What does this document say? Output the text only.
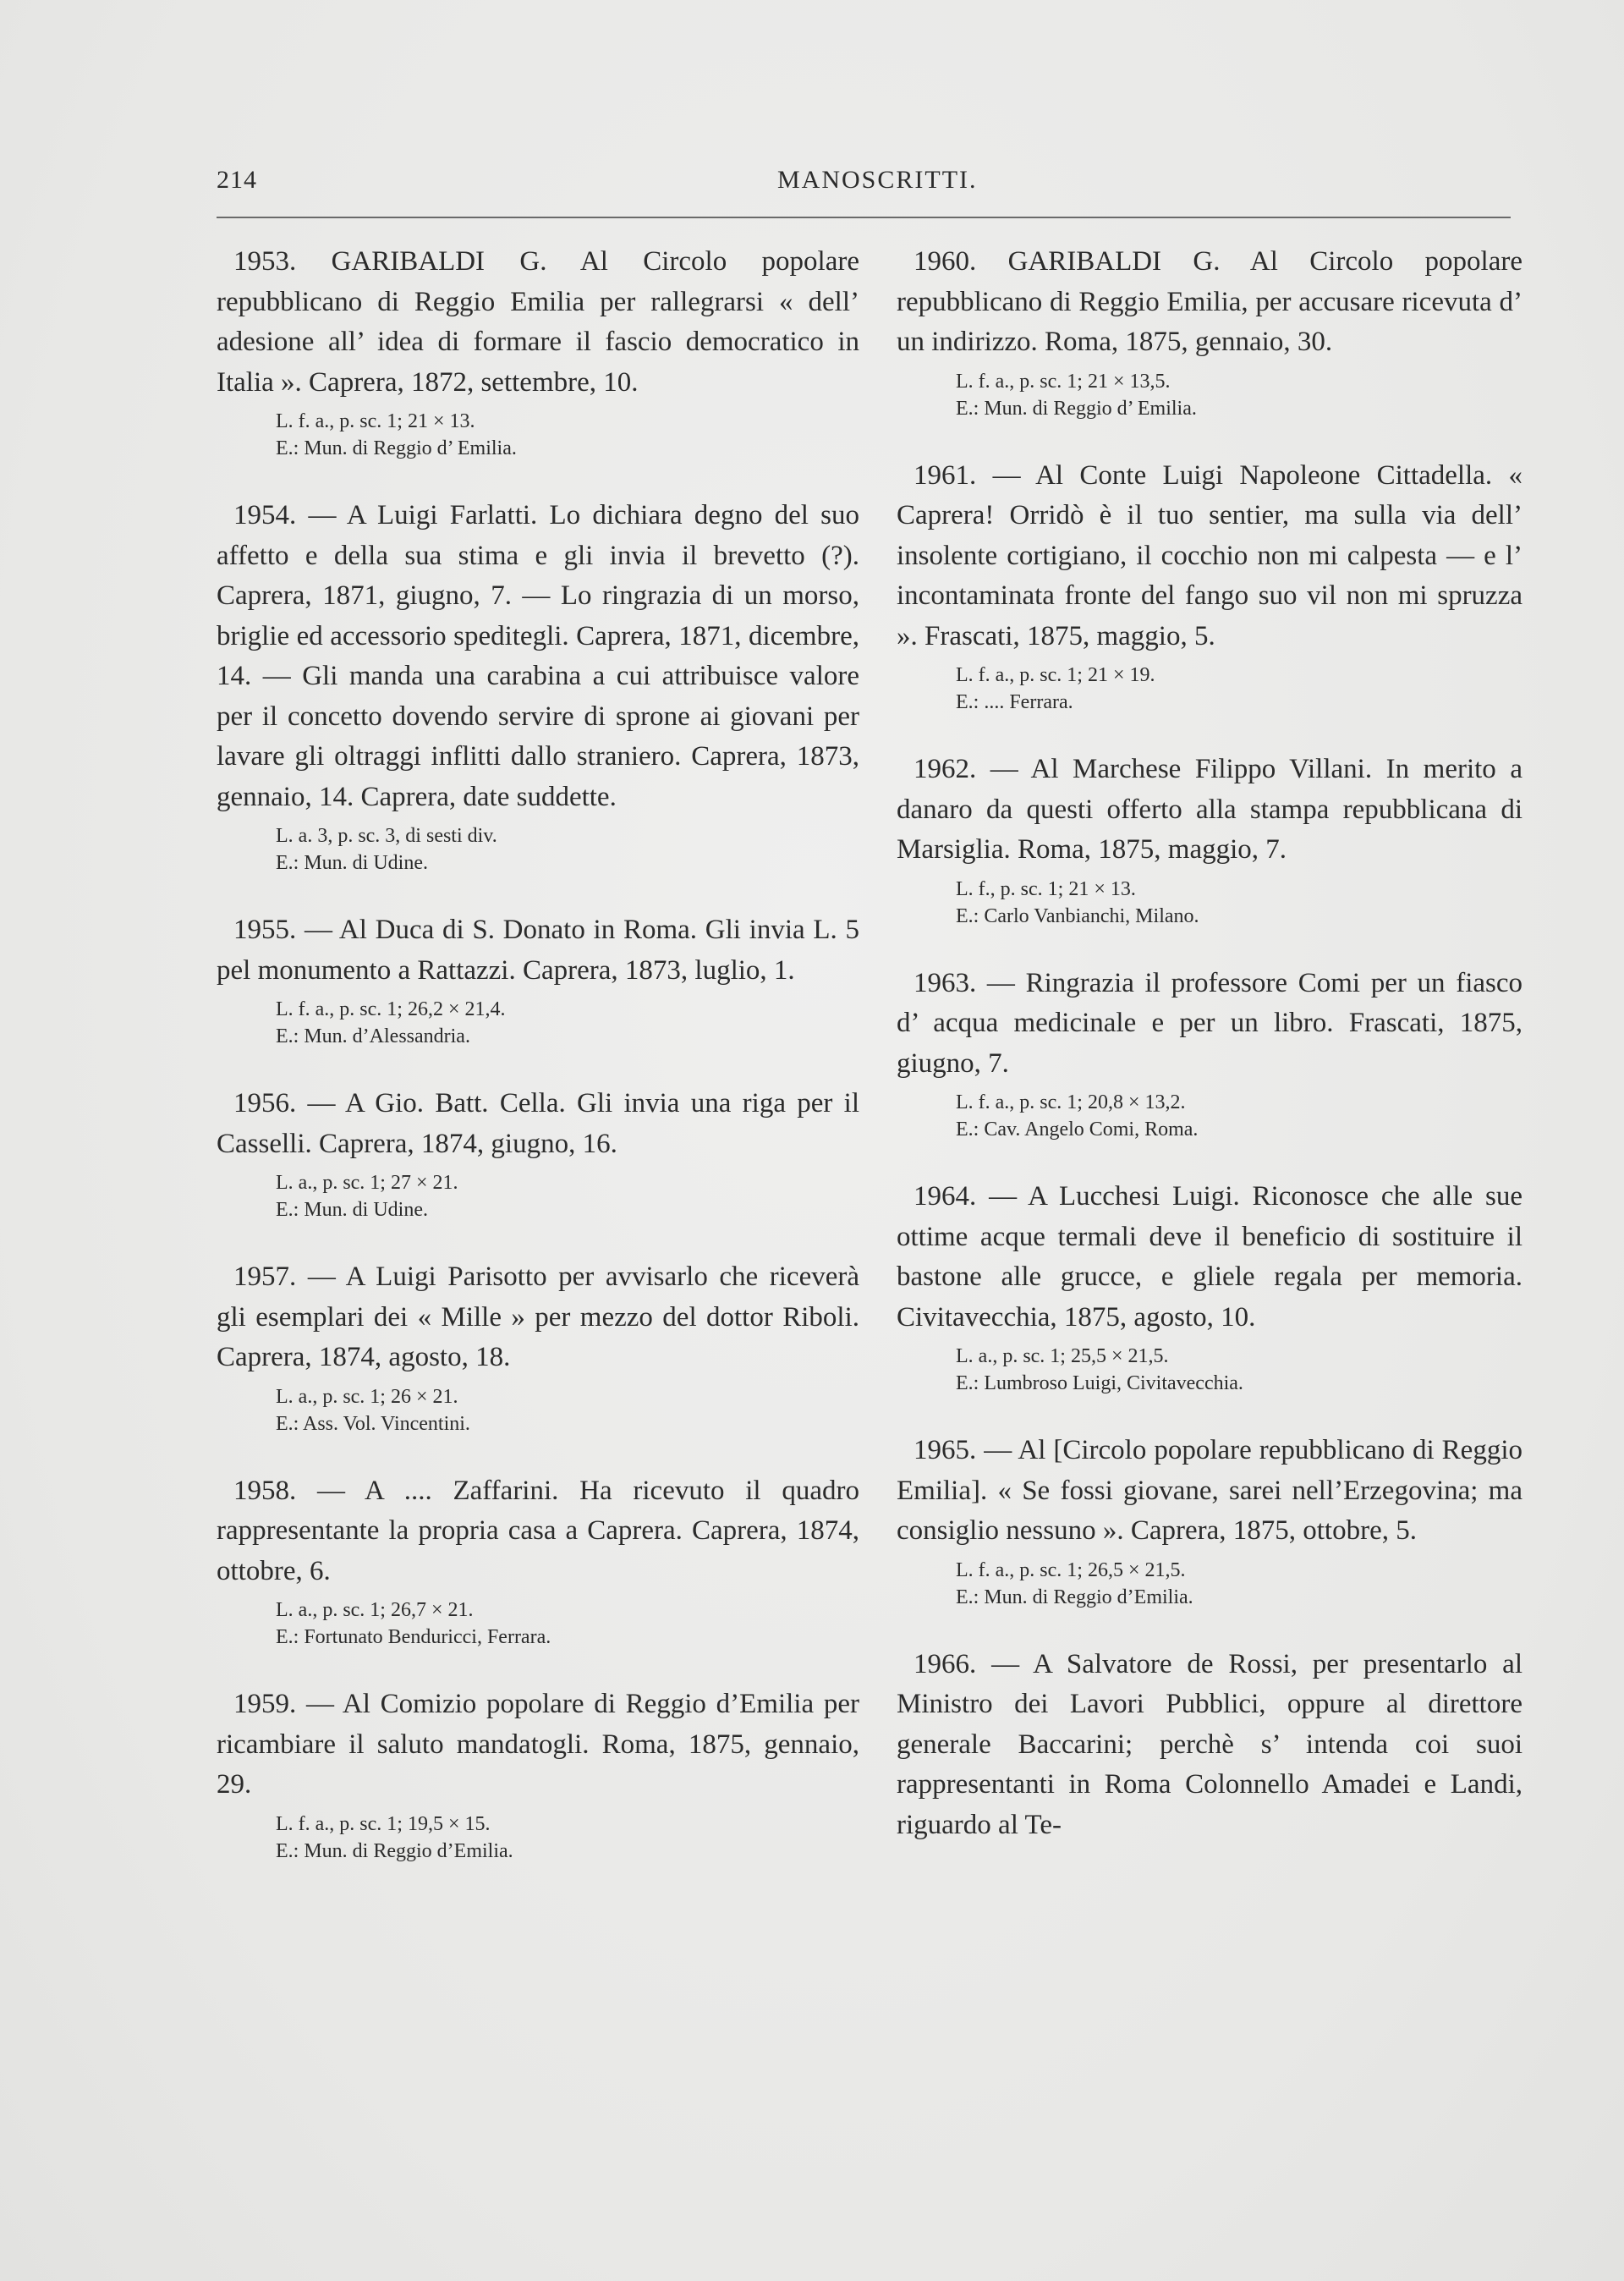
214	MANOSCRITTI.

1953. GARIBALDI G. Al Circolo popolare repubblicano di Reggio Emilia per rallegrarsi « dell’ adesione all’ idea di formare il fascio democratico in Italia ». Caprera, 1872, settembre, 10.

L. f. a., p. sc. 1; 21 × 13.
E.: Mun. di Reggio d’ Emilia.

1954. — A Luigi Farlatti. Lo dichiara degno del suo affetto e della sua stima e gli invia il brevetto (?). Caprera, 1871, giugno, 7. — Lo ringrazia di un morso, briglie ed accessorio speditegli. Caprera, 1871, dicembre, 14. — Gli manda una carabina a cui attribuisce valore per il concetto dovendo servire di sprone ai giovani per lavare gli oltraggi inflitti dallo straniero. Caprera, 1873, gennaio, 14. Caprera, date suddette.

L. a. 3, p. sc. 3, di sesti div.
E.: Mun. di Udine.

1955. — Al Duca di S. Donato in Roma. Gli invia L. 5 pel monumento a Rattazzi. Caprera, 1873, luglio, 1.

L. f. a., p. sc. 1; 26,2 × 21,4.
E.: Mun. d’Alessandria.

1956. — A Gio. Batt. Cella. Gli invia una riga per il Casselli. Caprera, 1874, giugno, 16.

L. a., p. sc. 1; 27 × 21.
E.: Mun. di Udine.

1957. — A Luigi Parisotto per avvisarlo che riceverà gli esemplari dei « Mille » per mezzo del dottor Riboli. Caprera, 1874, agosto, 18.

L. a., p. sc. 1; 26 × 21.
E.: Ass. Vol. Vincentini.

1958. — A .... Zaffarini. Ha ricevuto il quadro rappresentante la propria casa a Caprera. Caprera, 1874, ottobre, 6.

L. a., p. sc. 1; 26,7 × 21.
E.: Fortunato Benduricci, Ferrara.

1959. — Al Comizio popolare di Reggio d’Emilia per ricambiare il saluto mandatogli. Roma, 1875, gennaio, 29.

L. f. a., p. sc. 1; 19,5 × 15.
E.: Mun. di Reggio d’Emilia.

1960. GARIBALDI G. Al Circolo popolare repubblicano di Reggio Emilia, per accusare ricevuta d’ un indirizzo. Roma, 1875, gennaio, 30.

L. f. a., p. sc. 1; 21 × 13,5.
E.: Mun. di Reggio d’ Emilia.

1961. — Al Conte Luigi Napoleone Cittadella. « Caprera! Orridò è il tuo sentier, ma sulla via dell’ insolente cortigiano, il cocchio non mi calpesta — e l’ incontaminata fronte del fango suo vil non mi spruzza ». Frascati, 1875, maggio, 5.

L. f. a., p. sc. 1; 21 × 19.
E.: .... Ferrara.

1962. — Al Marchese Filippo Villani. In merito a danaro da questi offerto alla stampa repubblicana di Marsiglia. Roma, 1875, maggio, 7.

L. f., p. sc. 1; 21 × 13.
E.: Carlo Vanbianchi, Milano.

1963. — Ringrazia il professore Comi per un fiasco d’ acqua medicinale e per un libro. Frascati, 1875, giugno, 7.

L. f. a., p. sc. 1; 20,8 × 13,2.
E.: Cav. Angelo Comi, Roma.

1964. — A Lucchesi Luigi. Riconosce che alle sue ottime acque termali deve il beneficio di sostituire il bastone alle grucce, e gliele regala per memoria. Civitavecchia, 1875, agosto, 10.

L. a., p. sc. 1; 25,5 × 21,5.
E.: Lumbroso Luigi, Civitavecchia.

1965. — Al [Circolo popolare repubblicano di Reggio Emilia]. « Se fossi giovane, sarei nell’Erzegovina; ma consiglio nessuno ». Caprera, 1875, ottobre, 5.

L. f. a., p. sc. 1; 26,5 × 21,5.
E.: Mun. di Reggio d’Emilia.

1966. — A Salvatore de Rossi, per presentarlo al Ministro dei Lavori Pubblici, oppure al direttore generale Baccarini; perchè s’ intenda coi suoi rappresentanti in Roma Colonnello Amadei e Landi, riguardo al Te-
